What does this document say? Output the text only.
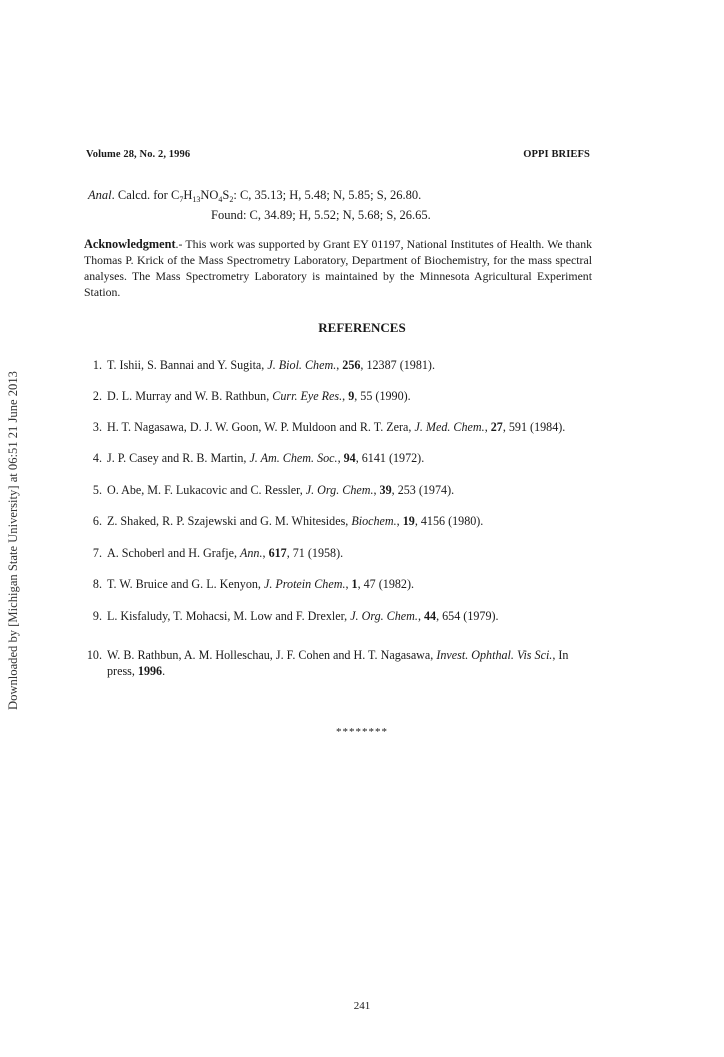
Downloaded by [Michigan State University] at 06:51 21 June 2013
Volume 28, No. 2, 1996	OPPI BRIEFS
Anal. Calcd. for $C_7H_{13}NO_4S_2$: C, 35.13; H, 5.48; N, 5.85; S, 26.80.
Found: C, 34.89; H, 5.52; N, 5.68; S, 26.65.
Acknowledgment.- This work was supported by Grant EY 01197, National Institutes of Health. We thank Thomas P. Krick of the Mass Spectrometry Laboratory, Department of Biochemistry, for the mass spectral analyses. The Mass Spectrometry Laboratory is maintained by the Minnesota Agricultural Experiment Station.
REFERENCES
1. T. Ishii, S. Bannai and Y. Sugita, J. Biol. Chem., 256, 12387 (1981).
2. D. L. Murray and W. B. Rathbun, Curr. Eye Res., 9, 55 (1990).
3. H. T. Nagasawa, D. J. W. Goon, W. P. Muldoon and R. T. Zera, J. Med. Chem., 27, 591 (1984).
4. J. P. Casey and R. B. Martin, J. Am. Chem. Soc., 94, 6141 (1972).
5. O. Abe, M. F. Lukacovic and C. Ressler, J. Org. Chem., 39, 253 (1974).
6. Z. Shaked, R. P. Szajewski and G. M. Whitesides, Biochem., 19, 4156 (1980).
7. A. Schoberl and H. Grafje, Ann., 617, 71 (1958).
8. T. W. Bruice and G. L. Kenyon, J. Protein Chem., 1, 47 (1982).
9. L. Kisfaludy, T. Mohacsi, M. Low and F. Drexler, J. Org. Chem., 44, 654 (1979).
10. W. B. Rathbun, A. M. Holleschau, J. F. Cohen and H. T. Nagasawa, Invest. Ophthal. Vis Sci., In press, 1996.
********
241
